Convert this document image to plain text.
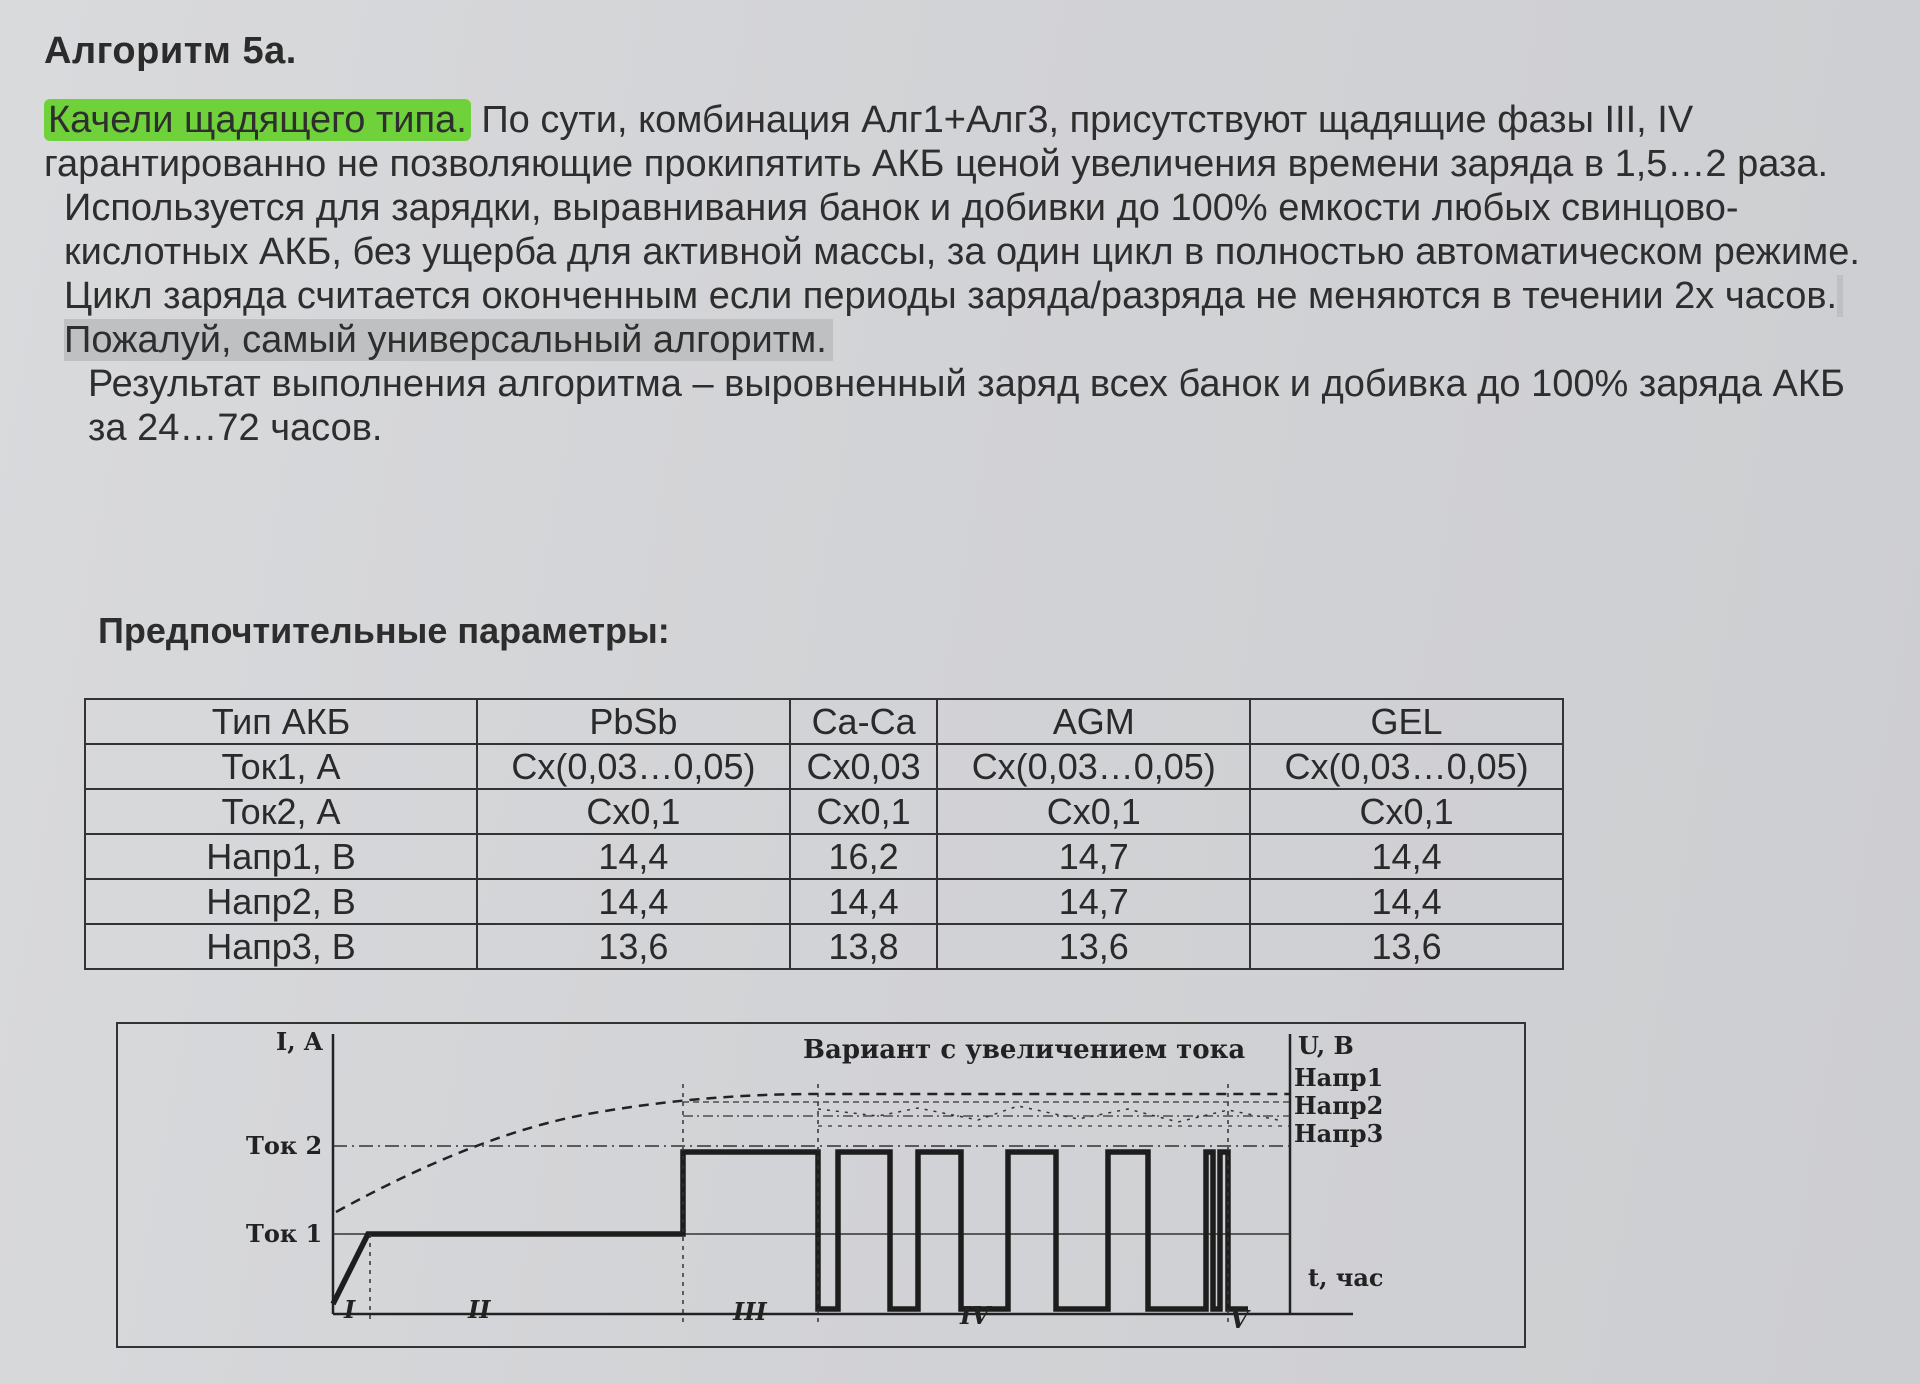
Алгоритм 5а.

Качели щадящего типа. По сути, комбинация Алг1+Алг3, присутствуют щадящие фазы III, IV гарантированно не позволяющие прокипятить АКБ ценой увеличения времени заряда в 1,5…2 раза.

Используется для зарядки, выравнивания банок и добивки до 100% емкости любых свинцово-кислотных АКБ, без ущерба для активной массы, за один цикл в полностью автоматическом режиме. Цикл заряда считается оконченным если периоды заряда/разряда не меняются в течении 2х часов. Пожалуй, самый универсальный алгоритм.

Результат выполнения алгоритма – выровненный заряд всех банок и добивка до 100% заряда АКБ за 24…72 часов.

Предпочтительные параметры:
Тип АКБ	PbSb	Ca-Ca	AGM	GEL
Ток1, А	Cx(0,03…0,05)	Cx0,03	Cx(0,03…0,05)	Cx(0,03…0,05)
Ток2, А	Cx0,1	Cx0,1	Cx0,1	Cx0,1
Напр1, В	14,4	16,2	14,7	14,4
Напр2, В	14,4	14,4	14,7	14,4
Напр3, В	13,6	13,8	13,6	13,6
I, A	U, B
Вариант с увеличением тока
t, час
Ток 2
Ток 1
Напр1
Напр2
Напр3
I	II	III	IV	V
